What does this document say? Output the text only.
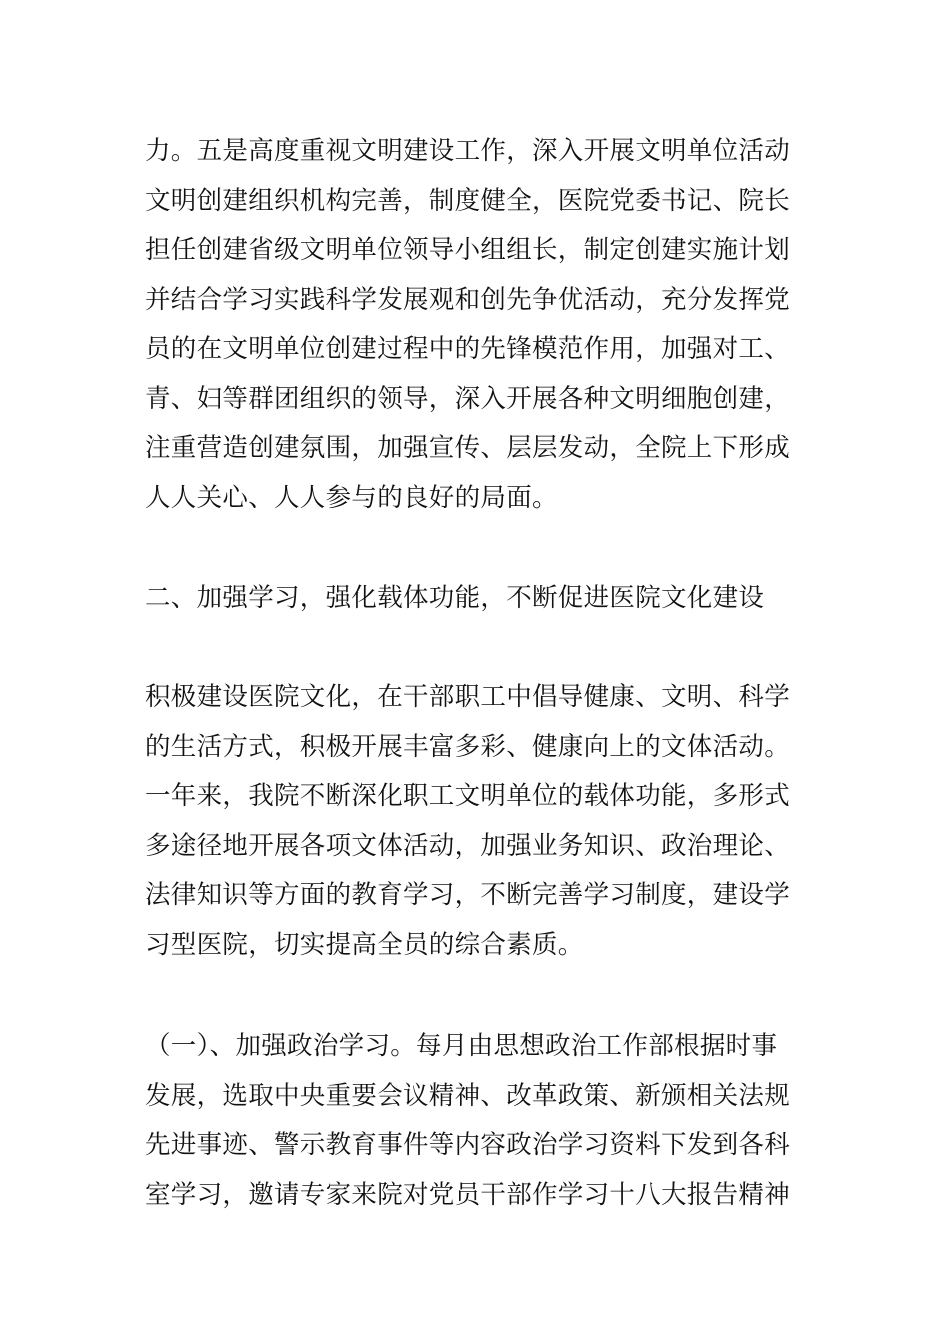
力。五是高度重视文明建设工作，深入开展文明单位活动
文明创建组织机构完善，制度健全，医院党委书记、院长
担任创建省级文明单位领导小组组长，制定创建实施计划
并结合学习实践科学发展观和创先争优活动，充分发挥党
员的在文明单位创建过程中的先锋模范作用，加强对工、
青、妇等群团组织的领导，深入开展各种文明细胞创建，
注重营造创建氛围，加强宣传、层层发动，全院上下形成
人人关心、人人参与的良好的局面。
二、加强学习，强化载体功能，不断促进医院文化建设
积极建设医院文化，在干部职工中倡导健康、文明、科学
的生活方式，积极开展丰富多彩、健康向上的文体活动。
一年来，我院不断深化职工文明单位的载体功能，多形式
多途径地开展各项文体活动，加强业务知识、政治理论、
法律知识等方面的教育学习，不断完善学习制度，建设学
习型医院，切实提高全员的综合素质。
（一）、加强政治学习。每月由思想政治工作部根据时事
发展，选取中央重要会议精神、改革政策、新颁相关法规
先进事迹、警示教育事件等内容政治学习资料下发到各科
室学习，邀请专家来院对党员干部作学习十八大报告精神
